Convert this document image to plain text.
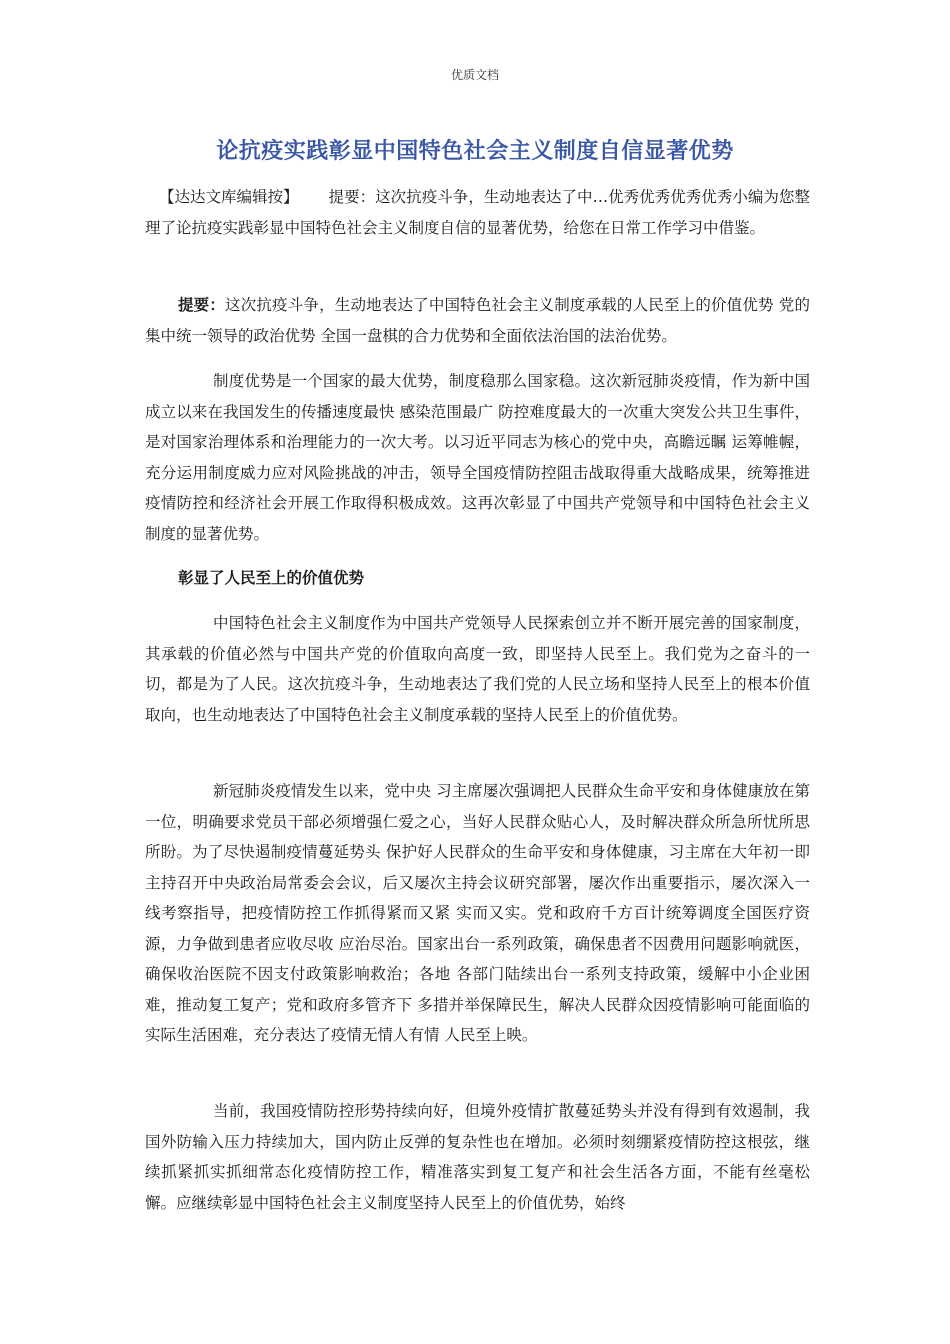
优质文档
论抗疫实践彰显中国特色社会主义制度自信显著优势
【达达文库编辑按】 提要：这次抗疫斗争，生动地表达了中…优秀优秀优秀优秀小编为您整理了论抗疫实践彰显中国特色社会主义制度自信的显著优势，给您在日常工作学习中借鉴。
提要：这次抗疫斗争，生动地表达了中国特色社会主义制度承载的人民至上的价值优势 党的集中统一领导的政治优势 全国一盘棋的合力优势和全面依法治国的法治优势。
制度优势是一个国家的最大优势，制度稳那么国家稳。这次新冠肺炎疫情，作为新中国成立以来在我国发生的传播速度最快 感染范围最广 防控难度最大的一次重大突发公共卫生事件，是对国家治理体系和治理能力的一次大考。以习近平同志为核心的党中央，高瞻远瞩 运筹帷幄，充分运用制度威力应对风险挑战的冲击，领导全国疫情防控阻击战取得重大战略成果，统筹推进疫情防控和经济社会开展工作取得积极成效。这再次彰显了中国共产党领导和中国特色社会主义制度的显著优势。
彰显了人民至上的价值优势
中国特色社会主义制度作为中国共产党领导人民探索创立并不断开展完善的国家制度，其承载的价值必然与中国共产党的价值取向高度一致，即坚持人民至上。我们党为之奋斗的一切，都是为了人民。这次抗疫斗争，生动地表达了我们党的人民立场和坚持人民至上的根本价值取向，也生动地表达了中国特色社会主义制度承载的坚持人民至上的价值优势。
新冠肺炎疫情发生以来，党中央 习主席屡次强调把人民群众生命平安和身体健康放在第一位，明确要求党员干部必须增强仁爱之心，当好人民群众贴心人，及时解决群众所急所忧所思所盼。为了尽快遏制疫情蔓延势头 保护好人民群众的生命平安和身体健康，习主席在大年初一即主持召开中央政治局常委会会议，后又屡次主持会议研究部署，屡次作出重要指示，屡次深入一线考察指导，把疫情防控工作抓得紧而又紧 实而又实。党和政府千方百计统筹调度全国医疗资源，力争做到患者应收尽收 应治尽治。国家出台一系列政策，确保患者不因费用问题影响就医，确保收治医院不因支付政策影响救治；各地 各部门陆续出台一系列支持政策，缓解中小企业困难，推动复工复产；党和政府多管齐下 多措并举保障民生，解决人民群众因疫情影响可能面临的实际生活困难，充分表达了疫情无情人有情 人民至上映。
当前，我国疫情防控形势持续向好，但境外疫情扩散蔓延势头并没有得到有效遏制，我国外防输入压力持续加大，国内防止反弹的复杂性也在增加。必须时刻绷紧疫情防控这根弦，继续抓紧抓实抓细常态化疫情防控工作，精准落实到复工复产和社会生活各方面，不能有丝毫松懈。应继续彰显中国特色社会主义制度坚持人民至上的价值优势，始终
